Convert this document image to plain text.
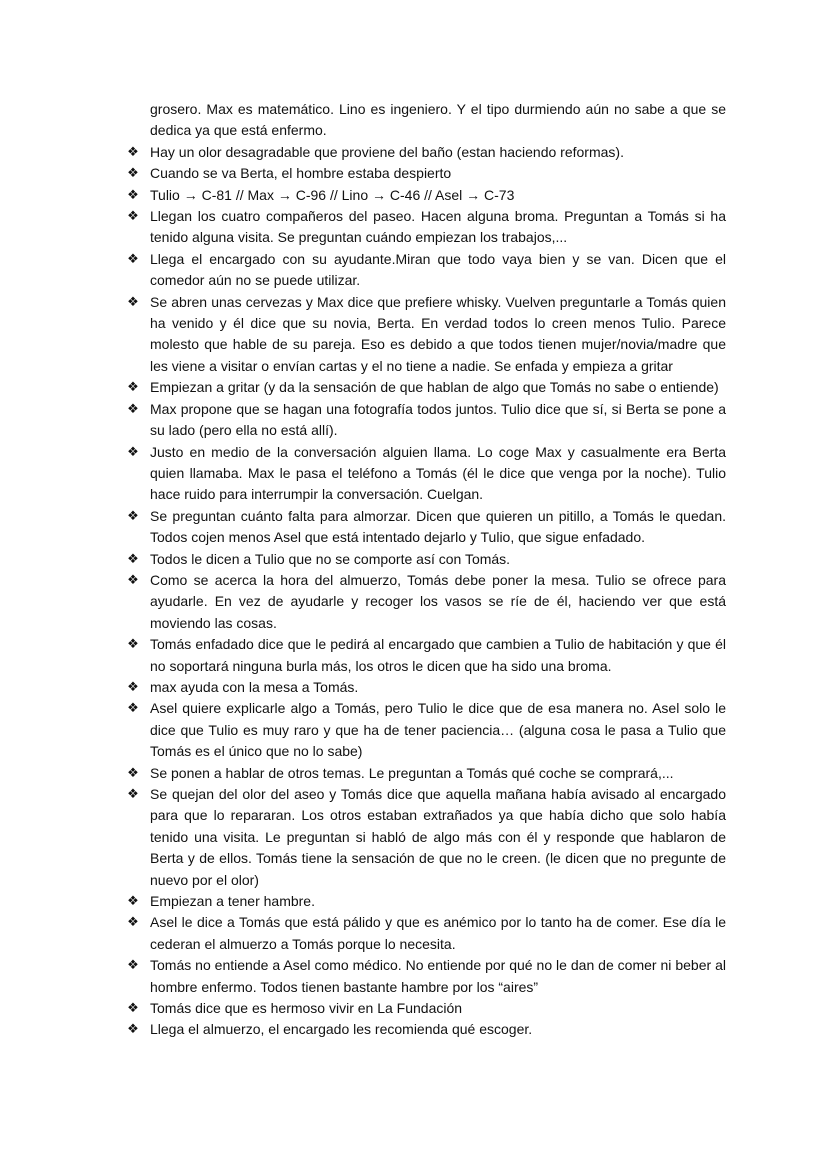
grosero. Max es matemático. Lino es ingeniero. Y el tipo durmiendo aún no sabe a que se dedica ya que está enfermo.

❖ Hay un olor desagradable que proviene del baño (estan haciendo reformas).
❖ Cuando se va Berta, el hombre estaba despierto
❖ Tulio → C-81 // Max → C-96 // Lino → C-46 // Asel → C-73
❖ Llegan los cuatro compañeros del paseo. Hacen alguna broma. Preguntan a Tomás si ha tenido alguna visita. Se preguntan cuándo empiezan los trabajos,...
❖ Llega el encargado con su ayudante.Miran que todo vaya bien y se van. Dicen que el comedor aún no se puede utilizar.
❖ Se abren unas cervezas y Max dice que prefiere whisky. Vuelven preguntarle a Tomás quien ha venido y él dice que su novia, Berta. En verdad todos lo creen menos Tulio. Parece molesto que hable de su pareja. Eso es debido a que todos tienen mujer/novia/madre que les viene a visitar o envían cartas y el no tiene a nadie. Se enfada y empieza a gritar
❖ Empiezan a gritar (y da la sensación de que hablan de algo que Tomás no sabe o entiende)
❖ Max propone que se hagan una fotografía todos juntos. Tulio dice que sí, si Berta se pone a su lado (pero ella no está allí).
❖ Justo en medio de la conversación alguien llama. Lo coge Max y casualmente era Berta quien llamaba. Max le pasa el teléfono a Tomás (él le dice que venga por la noche). Tulio hace ruido para interrumpir la conversación. Cuelgan.
❖ Se preguntan cuánto falta para almorzar. Dicen que quieren un pitillo, a Tomás le quedan. Todos cojen menos Asel que está intentado dejarlo y Tulio, que sigue enfadado.
❖ Todos le dicen a Tulio que no se comporte así con Tomás.
❖ Como se acerca la hora del almuerzo, Tomás debe poner la mesa. Tulio se ofrece para ayudarle. En vez de ayudarle y recoger los vasos se ríe de él, haciendo ver que está moviendo las cosas.
❖ Tomás enfadado dice que le pedirá al encargado que cambien a Tulio de habitación y que él no soportará ninguna burla más, los otros le dicen que ha sido una broma.
❖ max ayuda con la mesa a Tomás.
❖ Asel quiere explicarle algo a Tomás, pero Tulio le dice que de esa manera no. Asel solo le dice que Tulio es muy raro y que ha de tener paciencia… (alguna cosa le pasa a Tulio que Tomás es el único que no lo sabe)
❖ Se ponen a hablar de otros temas. Le preguntan a Tomás qué coche se comprará,...
❖ Se quejan del olor del aseo y Tomás dice que aquella mañana había avisado al encargado para que lo repararan. Los otros estaban extrañados ya que había dicho que solo había tenido una visita. Le preguntan si habló de algo más con él y responde que hablaron de Berta y de ellos. Tomás tiene la sensación de que no le creen. (le dicen que no pregunte de nuevo por el olor)
❖ Empiezan a tener hambre.
❖ Asel le dice a Tomás que está pálido y que es anémico por lo tanto ha de comer. Ese día le cederan el almuerzo a Tomás porque lo necesita.
❖ Tomás no entiende a Asel como médico. No entiende por qué no le dan de comer ni beber al hombre enfermo. Todos tienen bastante hambre por los “aires”
❖ Tomás dice que es hermoso vivir en La Fundación
❖ Llega el almuerzo, el encargado les recomienda qué escoger.
